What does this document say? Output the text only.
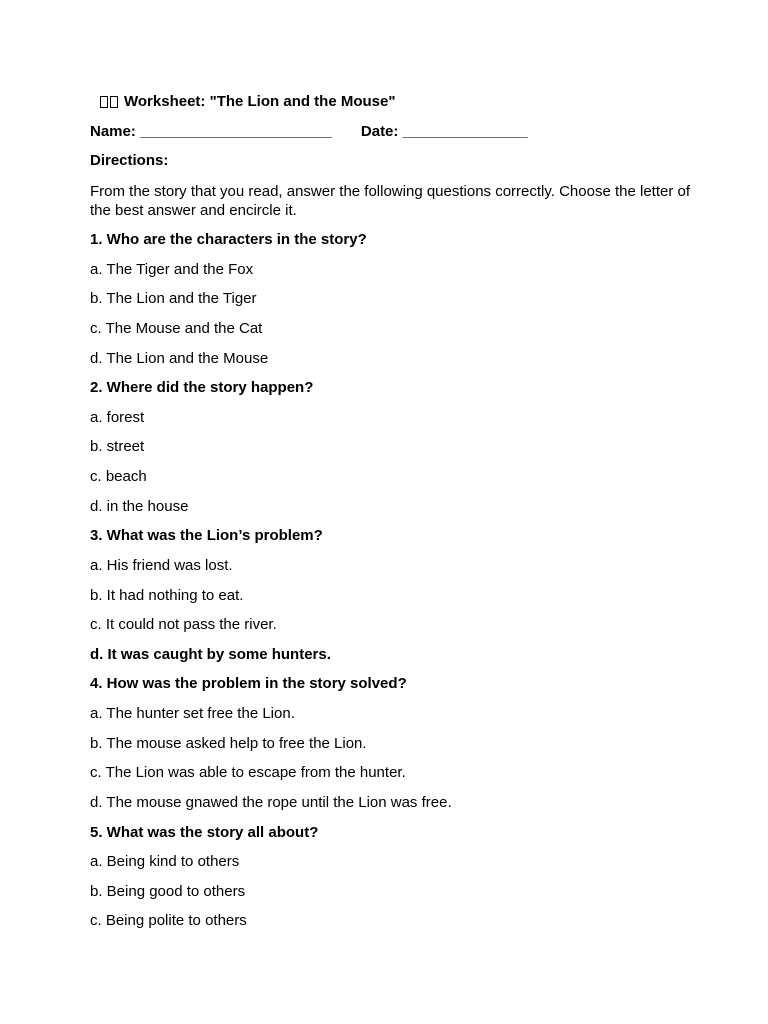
Worksheet: "The Lion and the Mouse"
Name: _______________________ Date: _______________
Directions:
From the story that you read, answer the following questions correctly. Choose the letter of the best answer and encircle it.
1. Who are the characters in the story?
a. The Tiger and the Fox
b. The Lion and the Tiger
c. The Mouse and the Cat
d. The Lion and the Mouse
2. Where did the story happen?
a. forest
b. street
c. beach
d. in the house
3. What was the Lion’s problem?
a. His friend was lost.
b. It had nothing to eat.
c. It could not pass the river.
d. It was caught by some hunters.
4. How was the problem in the story solved?
a. The hunter set free the Lion.
b. The mouse asked help to free the Lion.
c. The Lion was able to escape from the hunter.
d. The mouse gnawed the rope until the Lion was free.
5. What was the story all about?
a. Being kind to others
b. Being good to others
c. Being polite to others
